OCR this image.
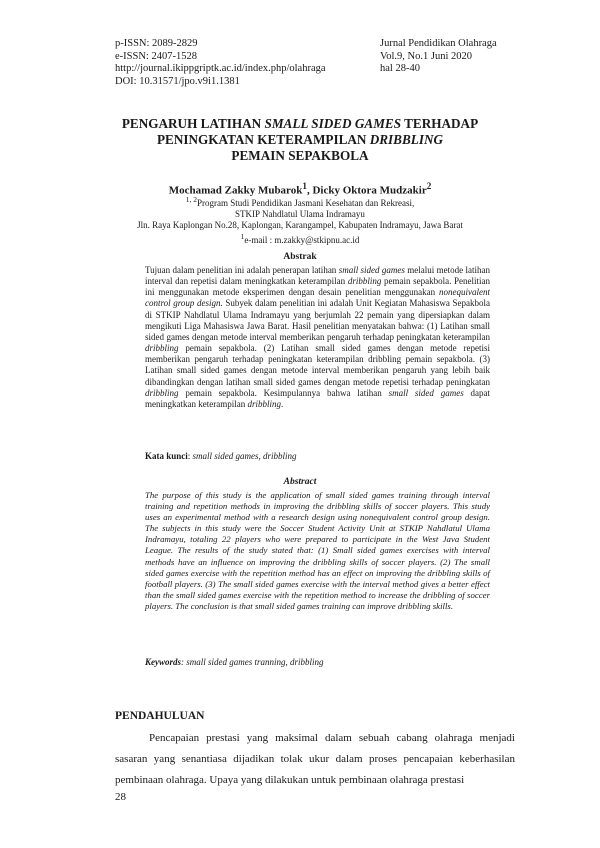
p-ISSN: 2089-2829
e-ISSN: 2407-1528
http://journal.ikippgriptk.ac.id/index.php/olahraga
DOI: 10.31571/jpo.v9i1.1381
Jurnal Pendidikan Olahraga
Vol.9, No.1 Juni 2020
hal 28-40
PENGARUH LATIHAN SMALL SIDED GAMES TERHADAP
PENINGKATAN KETERAMPILAN DRIBBLING
PEMAIN SEPAKBOLA
Mochamad Zakky Mubarok$^1$, Dicky Oktora Mudzakir$^2$
$^{1, 2}$Program Studi Pendidikan Jasmani Kesehatan dan Rekreasi,
STKIP Nahdlatul Ulama Indramayu
Jln. Raya Kaplongan No.28, Kaplongan, Karangampel, Kabupaten Indramayu, Jawa Barat
$^1$e-mail : m.zakky@stkipnu.ac.id
Abstrak
Tujuan dalam penelitian ini adalah penerapan latihan small sided games melalui metode latihan interval dan repetisi dalam meningkatkan keterampilan dribbling pemain sepakbola. Penelitian ini menggunakan metode eksperimen dengan desain penelitian menggunakan nonequivalent control group design. Subyek dalam penelitian ini adalah Unit Kegiatan Mahasiswa Sepakbola di STKIP Nahdlatul Ulama Indramayu yang berjumlah 22 pemain yang dipersiapkan dalam mengikuti Liga Mahasiswa Jawa Barat. Hasil penelitian menyatakan bahwa: (1) Latihan small sided games dengan metode interval memberikan pengaruh terhadap peningkatan keterampilan dribbling pemain sepakbola. (2) Latihan small sided games dengan metode repetisi memberikan pengaruh terhadap peningkatan keterampilan dribbling pemain sepakbola. (3) Latihan small sided games dengan metode interval memberikan pengaruh yang lebih baik dibandingkan dengan latihan small sided games dengan metode repetisi terhadap peningkatan dribbling pemain sepakbola. Kesimpulannya bahwa latihan small sided games dapat meningkatkan keterampilan dribbling.
Kata kunci: small sided games, dribbling
Abstract
The purpose of this study is the application of small sided games training through interval training and repetition methods in improving the dribbling skills of soccer players. This study uses an experimental method with a research design using nonequivalent control group design. The subjects in this study were the Soccer Student Activity Unit at STKIP Nahdlatul Ulama Indramayu, totaling 22 players who were prepared to participate in the West Java Student League. The results of the study stated that: (1) Small sided games exercises with interval methods have an influence on improving the dribbling skills of soccer players. (2) The small sided games exercise with the repetition method has an effect on improving the dribbling skills of football players. (3) The small sided games exercise with the interval method gives a better effect than the small sided games exercise with the repetition method to increase the dribbling of soccer players. The conclusion is that small sided games training can improve dribbling skills.
Keywords: small sided games tranning, dribbling
PENDAHULUAN
Pencapaian prestasi yang maksimal dalam sebuah cabang olahraga menjadi sasaran yang senantiasa dijadikan tolak ukur dalam proses pencapaian keberhasilan pembinaan olahraga. Upaya yang dilakukan untuk pembinaan olahraga prestasi
28
